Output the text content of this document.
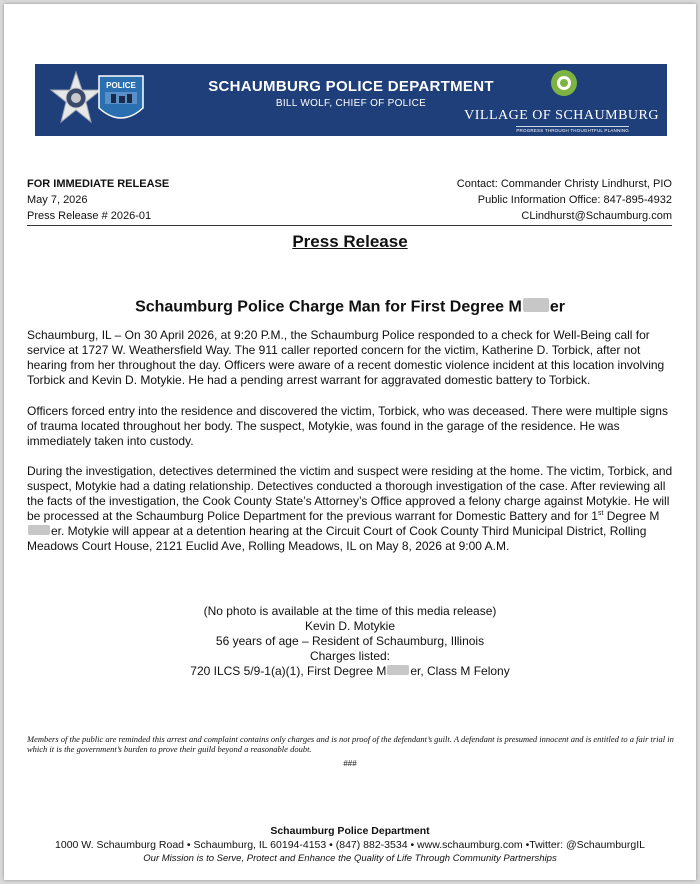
POLICE	SCHAUMBURG POLICE DEPARTMENT
BILL WOLF, CHIEF OF POLICE
VILLAGE OF SCHAUMBURG
PROGRESS THROUGH THOUGHTFUL PLANNING
FOR IMMEDIATE RELEASE
May 7, 2026
Press Release # 2026-01
Contact: Commander Christy Lindhurst, PIO
Public Information Office: 847-895-4932
CLindhurst@Schaumburg.com
Press Release
Schaumburg Police Charge Man for First Degree M er

Schaumburg, IL – On 30 April 2026, at 9:20 P.M., the Schaumburg Police responded to a check for Well-Being call for service at 1727 W. Weathersfield Way. The 911 caller reported concern for the victim, Katherine D. Torbick, after not hearing from her throughout the day. Officers were aware of a recent domestic violence incident at this location involving Torbick and Kevin D. Motykie. He had a pending arrest warrant for aggravated domestic battery to Torbick.

Officers forced entry into the residence and discovered the victim, Torbick, who was deceased. There were multiple signs of trauma located throughout her body. The suspect, Motykie, was found in the garage of the residence. He was immediately taken into custody.

During the investigation, detectives determined the victim and suspect were residing at the home. The victim, Torbick, and suspect, Motykie had a dating relationship. Detectives conducted a thorough investigation of the case. After reviewing all the facts of the investigation, the Cook County State’s Attorney’s Office approved a felony charge against Motykie. He will be processed at the Schaumburg Police Department for the previous warrant for Domestic Battery and for 1st Degree Mer. Motykie will appear at a detention hearing at the Circuit Court of Cook County Third Municipal District, Rolling Meadows Court House, 2121 Euclid Ave, Rolling Meadows, IL on May 8, 2026 at 9:00 A.M.

(No photo is available at the time of this media release)
Kevin D. Motykie
56 years of age – Resident of Schaumburg, Illinois
Charges listed:
720 ILCS 5/9-1(a)(1), First Degree M er, Class M Felony

Members of the public are reminded this arrest and complaint contains only charges and is not proof of the defendant’s guilt. A defendant is presumed innocent and is entitled to a fair trial in which it is the government’s burden to prove their guild beyond a reasonable doubt.

###
Schaumburg Police Department
1000 W. Schaumburg Road • Schaumburg, IL 60194-4153 • (847) 882-3534 • www.schaumburg.com •Twitter: @SchaumburgIL
Our Mission is to Serve, Protect and Enhance the Quality of Life Through Community Partnerships
